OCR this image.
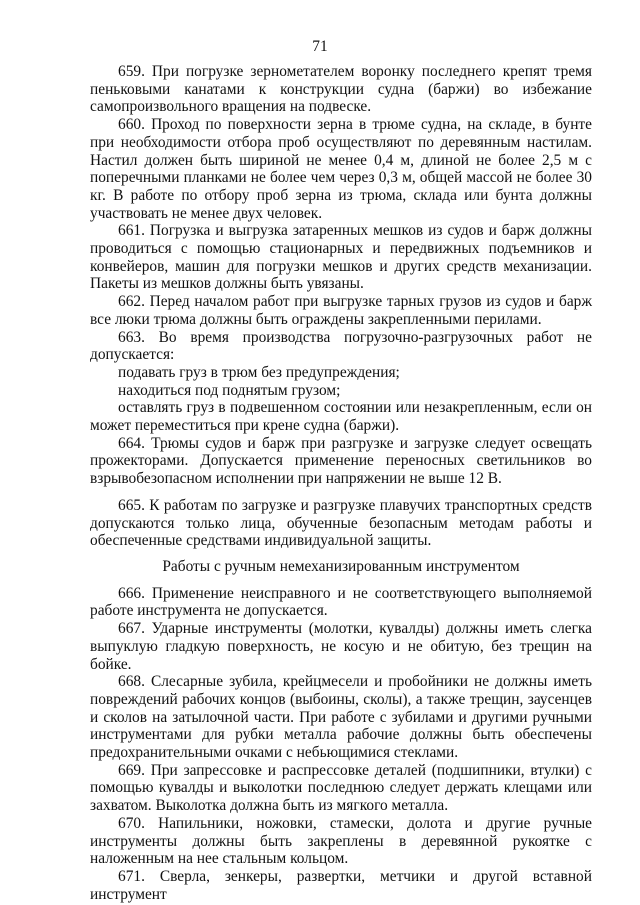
71

659. При погрузке зернометателем воронку последнего крепят тремя пеньковыми канатами к конструкции судна (баржи) во избежание самопроизвольного вращения на подвеске.

660. Проход по поверхности зерна в трюме судна, на складе, в бунте при необходимости отбора проб осуществляют по деревянным настилам. Настил должен быть шириной не менее 0,4 м, длиной не более 2,5 м с поперечными планками не более чем через 0,3 м, общей массой не более 30 кг. В работе по отбору проб зерна из трюма, склада или бунта должны участвовать не менее двух человек.

661. Погрузка и выгрузка затаренных мешков из судов и барж должны проводиться с помощью стационарных и передвижных подъемников и конвейеров, машин для погрузки мешков и других средств механизации. Пакеты из мешков должны быть увязаны.

662. Перед началом работ при выгрузке тарных грузов из судов и барж все люки трюма должны быть ограждены закрепленными перилами.

663. Во время производства погрузочно-разгрузочных работ не допускается:

подавать груз в трюм без предупреждения;

находиться под поднятым грузом;

оставлять груз в подвешенном состоянии или незакрепленным, если он может переместиться при крене судна (баржи).

664. Трюмы судов и барж при разгрузке и загрузке следует освещать прожекторами. Допускается применение переносных светильников во взрывобезопасном исполнении при напряжении не выше 12 В.

665. К работам по загрузке и разгрузке плавучих транспортных средств допускаются только лица, обученные безопасным методам работы и обеспеченные средствами индивидуальной защиты.

Работы с ручным немеханизированным инструментом

666. Применение неисправного и не соответствующего выполняемой работе инструмента не допускается.

667. Ударные инструменты (молотки, кувалды) должны иметь слегка выпуклую гладкую поверхность, не косую и не обитую, без трещин на бойке.

668. Слесарные зубила, крейцмесели и пробойники не должны иметь повреждений рабочих концов (выбоины, сколы), а также трещин, заусенцев и сколов на затылочной части. При работе с зубилами и другими ручными инструментами для рубки металла рабочие должны быть обеспечены предохранительными очками с небьющимися стеклами.

669. При запрессовке и распрессовке деталей (подшипники, втулки) с помощью кувалды и выколотки последнюю следует держать клещами или захватом. Выколотка должна быть из мягкого металла.

670. Напильники, ножовки, стамески, долота и другие ручные инструменты должны быть закреплены в деревянной рукоятке с наложенным на нее стальным кольцом.

671. Сверла, зенкеры, развертки, метчики и другой вставной инструмент
